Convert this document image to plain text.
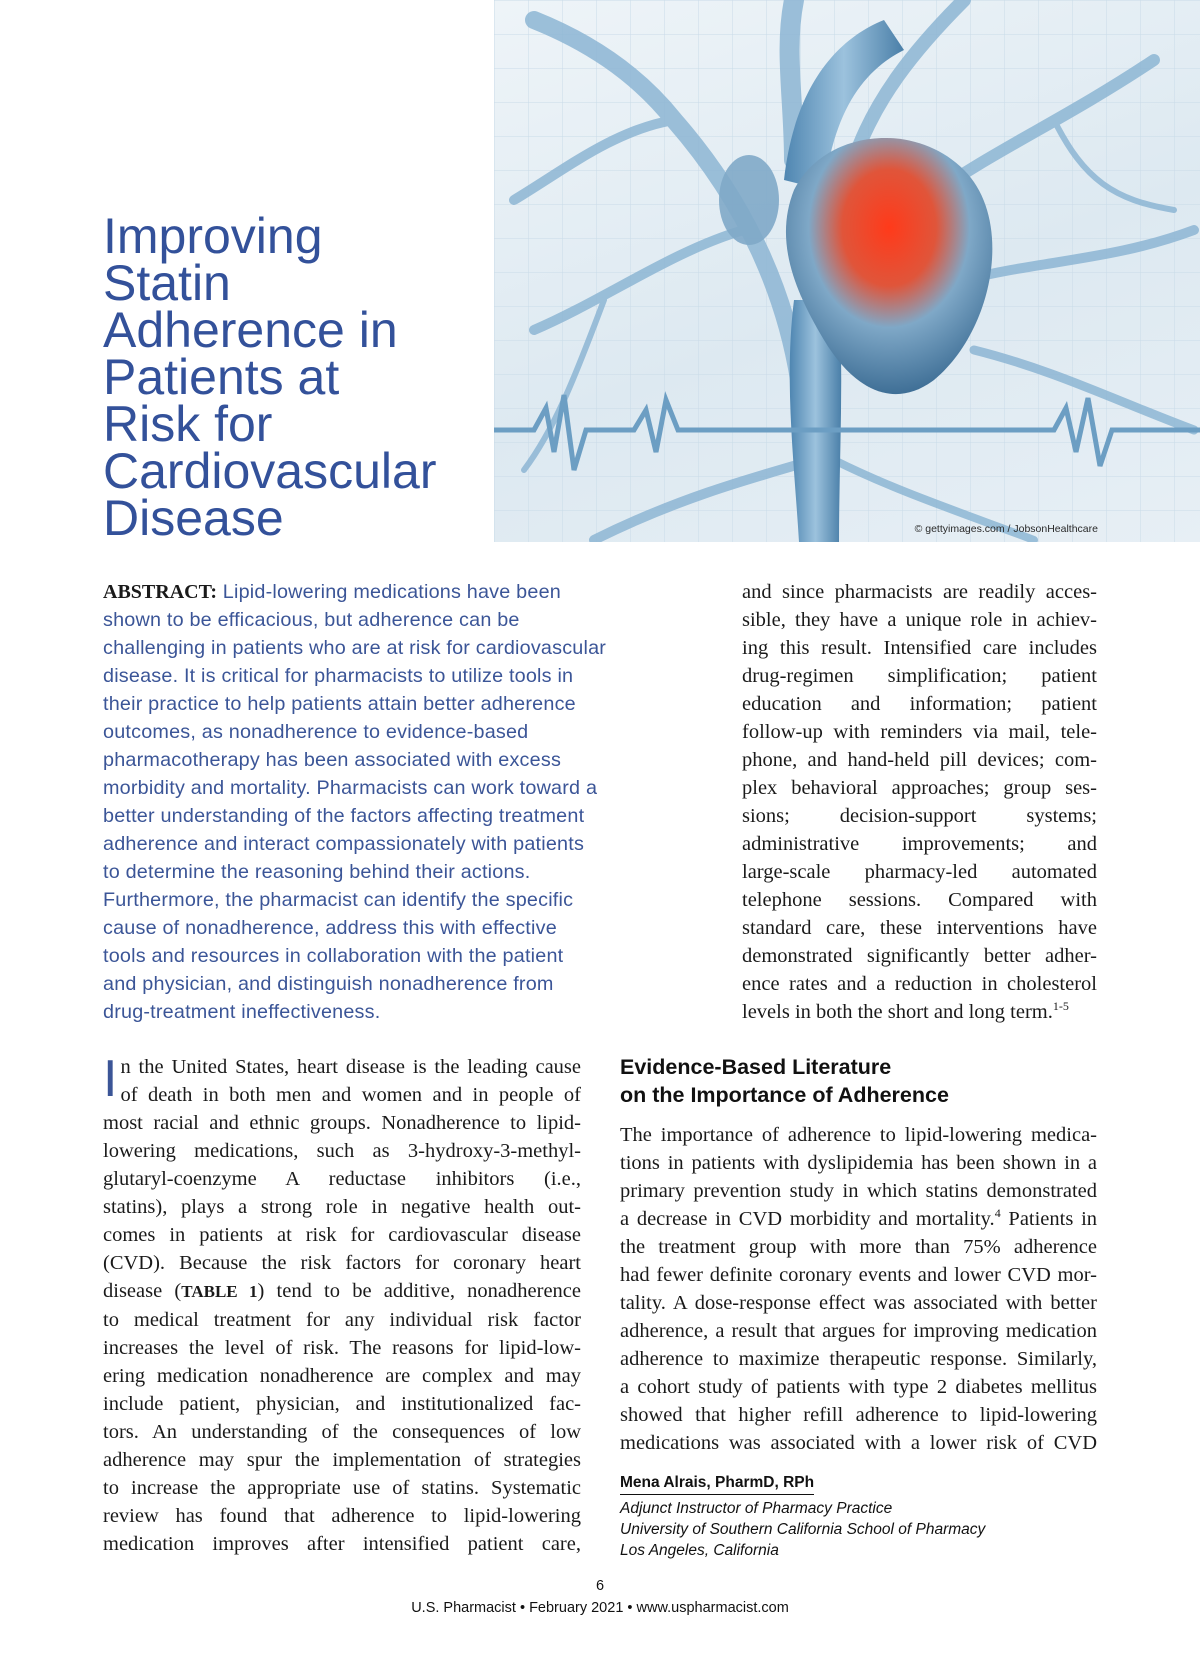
© gettyimages.com / JobsonHealthcare
Improving
Statin
Adherence in
Patients at
Risk for
Cardiovascular
Disease
ABSTRACT: Lipid-lowering medications have been
shown to be efficacious, but adherence can be
challenging in patients who are at risk for cardiovascular
disease. It is critical for pharmacists to utilize tools in
their practice to help patients attain better adherence
outcomes, as nonadherence to evidence-based
pharmacotherapy has been associated with excess
morbidity and mortality. Pharmacists can work toward a
better understanding of the factors affecting treatment
adherence and interact compassionately with patients
to determine the reasoning behind their actions.
Furthermore, the pharmacist can identify the specific
cause of nonadherence, address this with effective
tools and resources in collaboration with the patient
and physician, and distinguish nonadherence from
drug-treatment ineffectiveness.
and since pharmacists are readily acces-
sible, they have a unique role in achiev-
ing this result. Intensified care includes
drug-regimen simplification; patient
education and information; patient
follow-up with reminders via mail, tele-
phone, and hand-held pill devices; com-
plex behavioral approaches; group ses-
sions; decision-support systems;
administrative improvements; and
large-scale pharmacy-led automated
telephone sessions. Compared with
standard care, these interventions have
demonstrated significantly better adher-
ence rates and a reduction in cholesterol
levels in both the short and long term.$^{1-5}$
I n the United States, heart disease is the leading cause
of death in both men and women and in people of
most racial and ethnic groups. Nonadherence to lipid-
lowering medications, such as 3-hydroxy-3-methyl-
glutaryl-coenzyme A reductase inhibitors (i.e.,
statins), plays a strong role in negative health out-
comes in patients at risk for cardiovascular disease
(CVD). Because the risk factors for coronary heart
disease (TABLE 1) tend to be additive, nonadherence
to medical treatment for any individual risk factor
increases the level of risk. The reasons for lipid-low-
ering medication nonadherence are complex and may
include patient, physician, and institutionalized fac-
tors. An understanding of the consequences of low
adherence may spur the implementation of strategies
to increase the appropriate use of statins. Systematic
review has found that adherence to lipid-lowering
medication improves after intensified patient care,
Evidence-Based Literature
on the Importance of Adherence
The importance of adherence to lipid-lowering medica-
tions in patients with dyslipidemia has been shown in a
primary prevention study in which statins demonstrated
a decrease in CVD morbidity and mortality.$^4$ Patients in
the treatment group with more than 75% adherence
had fewer definite coronary events and lower CVD mor-
tality. A dose-response effect was associated with better
adherence, a result that argues for improving medication
adherence to maximize therapeutic response. Similarly,
a cohort study of patients with type 2 diabetes mellitus
showed that higher refill adherence to lipid-lowering
medications was associated with a lower risk of CVD
Mena Alrais, PharmD, RPh
Adjunct Instructor of Pharmacy Practice
University of Southern California School of Pharmacy
Los Angeles, California
6
U.S. Pharmacist • February 2021 • www.uspharmacist.com
